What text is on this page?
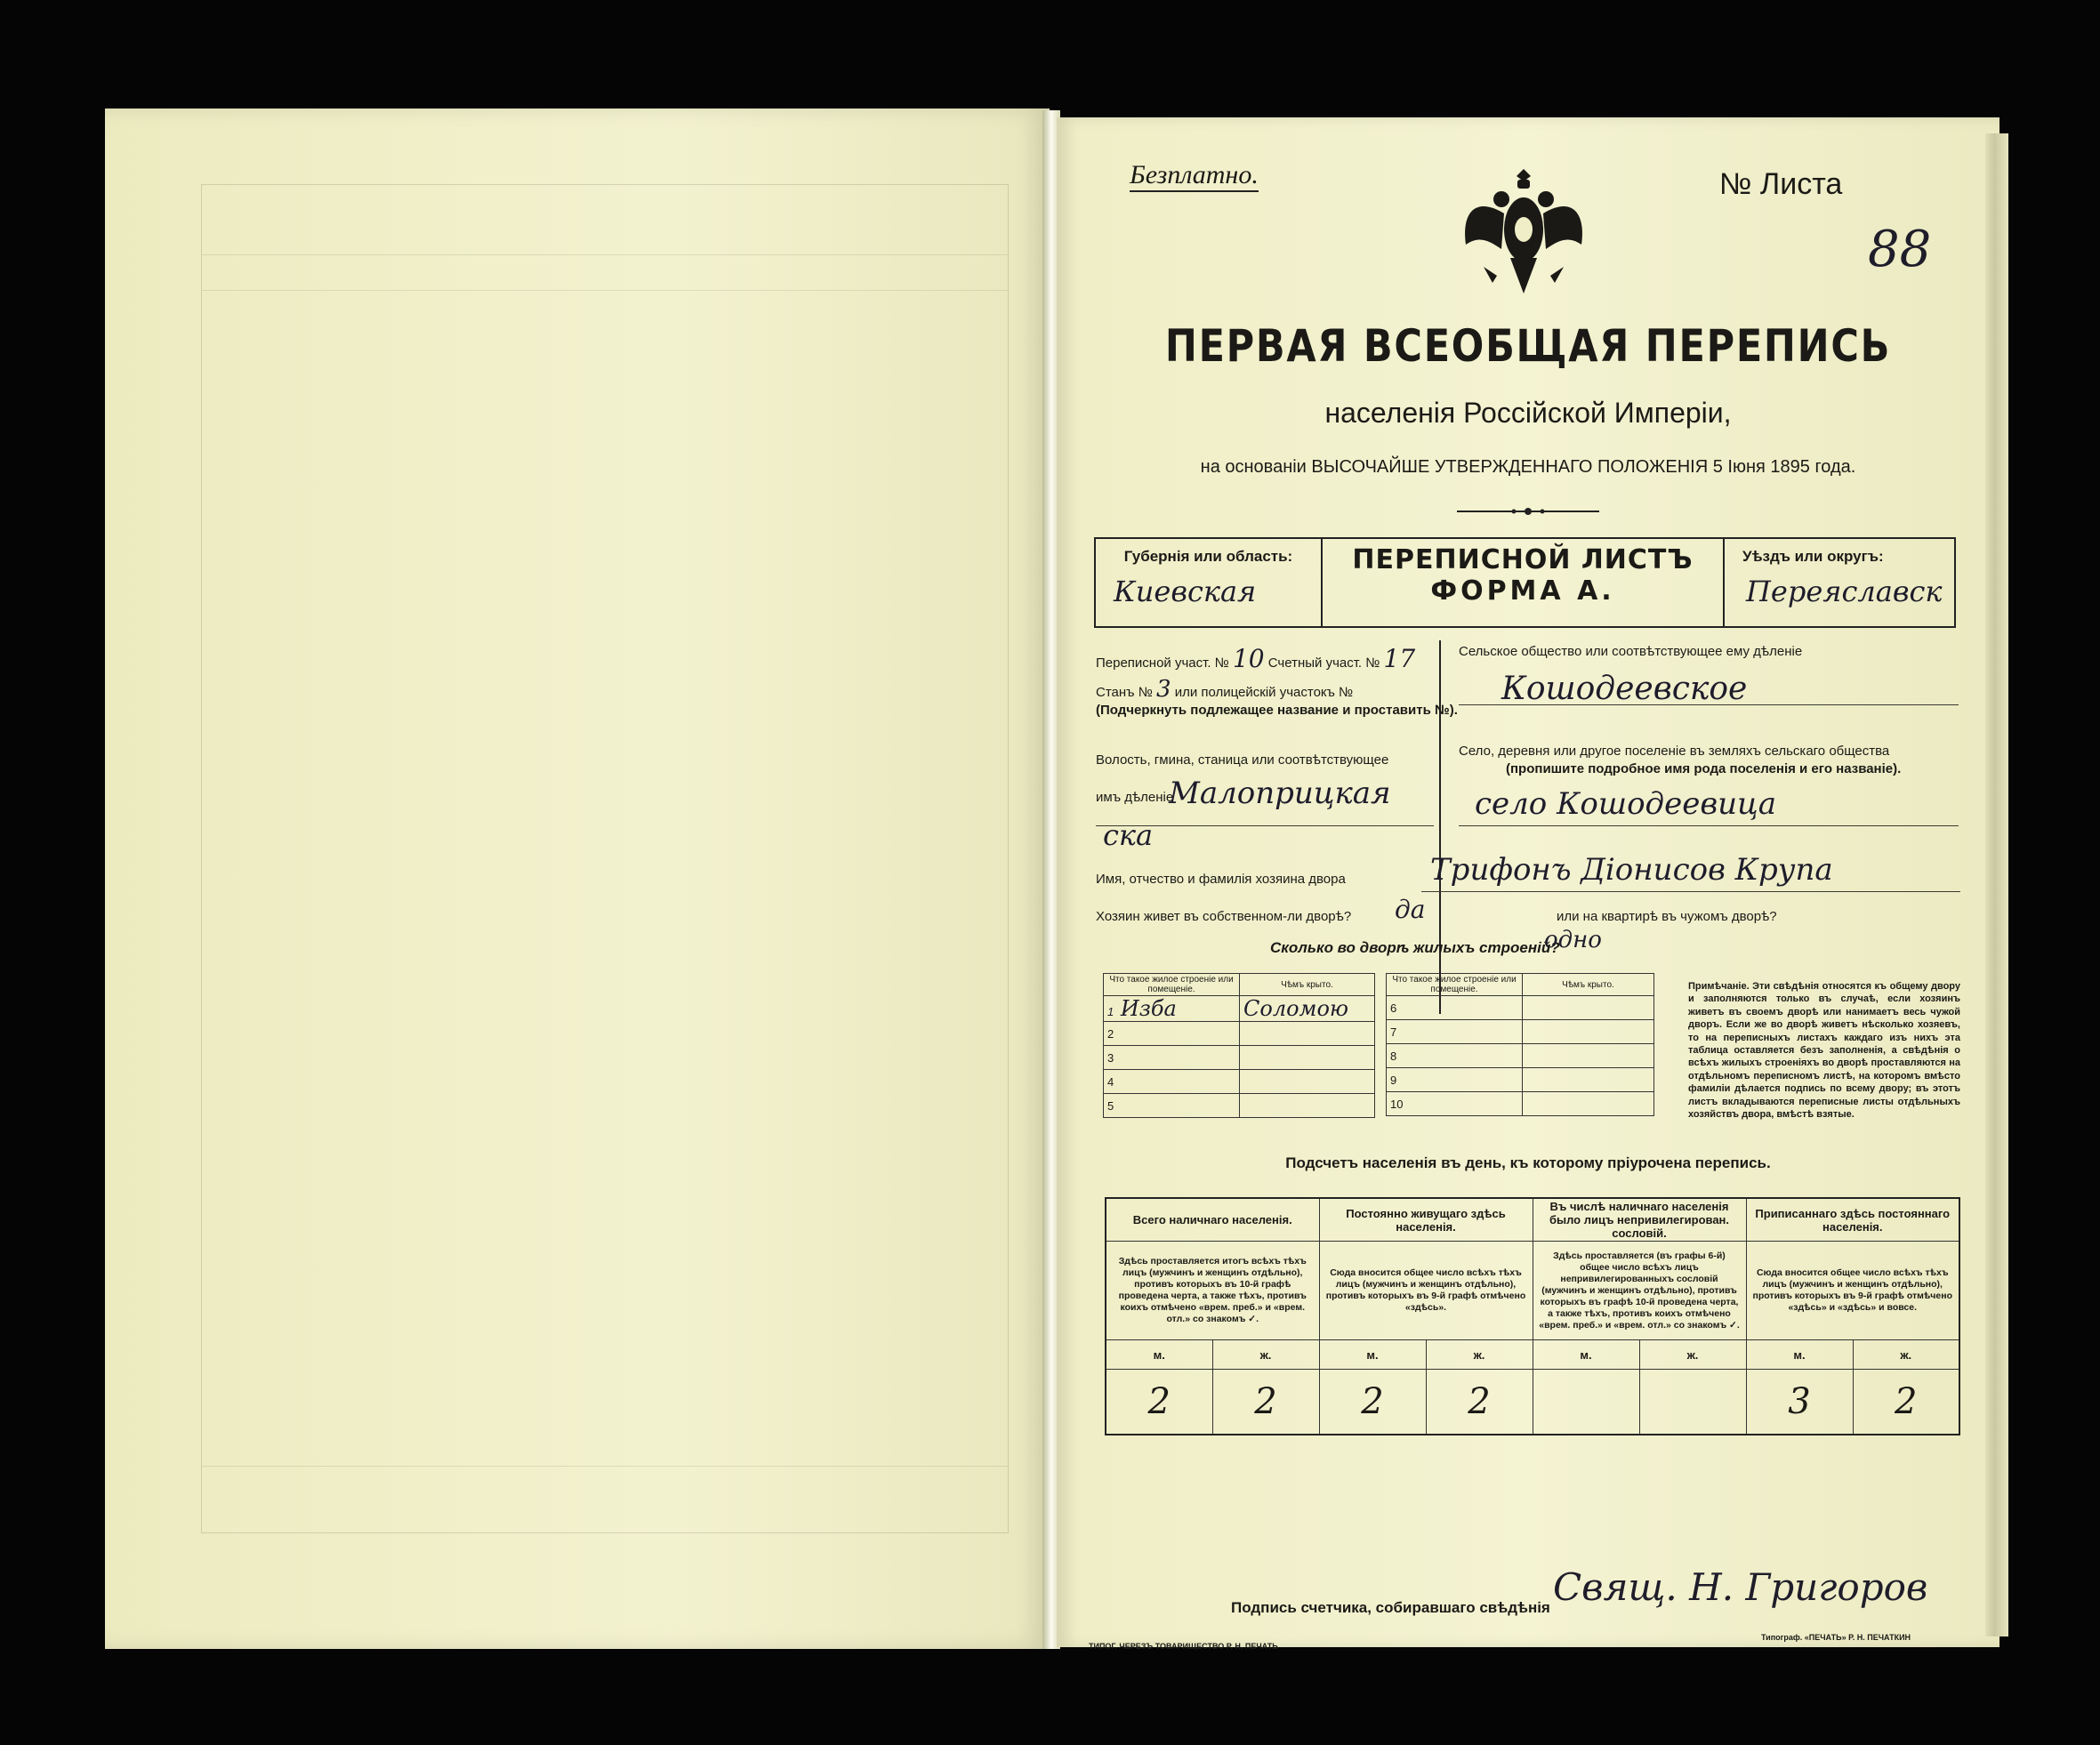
Безплатно.	№ Листа
88
ПЕРВАЯ ВСЕОБЩАЯ ПЕРЕПИСЬ
населенія Россійской Имперіи,
на основаніи ВЫСОЧАЙШЕ УТВЕРЖДЕННАГО ПОЛОЖЕНІЯ 5 Іюня 1895 года.
Губернія или область:
Киевская
ПЕРЕПИСНОЙ ЛИСТЪ
ФОРМА А.
Уѣздъ или округъ:
Переяславск
Переписной участ. № 10 Счетный участ. № 17
Станъ № 3 или полицейскій участокъ №
(Подчеркнуть подлежащее название и проставить №).
Волость, гмина, станица или соотвѣтствующее
имъ дѣленіе
Малоприцкая
ска
Сельское общество или соотвѣтствующее ему дѣленіе
Кошодеевское
Село, деревня или другое поселеніе въ земляхъ сельскаго общества
(пропишите подробное имя рода поселенія и его названіе).
село Кошодеевица
Имя, отчество и фамилія хозяина двора	Трифонъ Діонисов Крупа
Хозяин живет въ собственном-ли дворѣ? да	или на квартирѣ въ чужомъ дворѣ?
Сколько во дворѣ жилыхъ строеній?
одно
Что такое жилое строеніе или помещеніе.	Чѣмъ крыто.
1 Изба	Соломою
2	
3	
4	
5	
Что такое жилое строеніе или помещеніе.	Чѣмъ крыто.
6	
7	
8	
9	
10	
Примѣчаніе. Эти свѣдѣнія относятся къ общему двору и заполняются только въ случаѣ, если хозяинъ живетъ въ своемъ дворѣ или нанимаетъ весь чужой дворъ. Если же во дворѣ живетъ нѣсколько хозяевъ, то на переписныхъ листахъ каждаго изъ нихъ эта таблица оставляется безъ заполненія, а свѣдѣнія о всѣхъ жилыхъ строеніяхъ во дворѣ проставляются на отдѣльномъ переписномъ листѣ, на которомъ вмѣсто фамиліи дѣлается подпись по всему двору; въ этотъ листъ вкладываются переписные листы отдѣльныхъ хозяйствъ двора, вмѣстѣ взятые.
Подсчетъ населенія въ день, къ которому пріурочена перепись.
Всего наличнаго населенія.		Постоянно живущаго здѣсь населенія.		Въ числѣ наличнаго населенія было лицъ непривилегирован. сословій.		Приписаннаго здѣсь постояннаго населенія.	
Здѣсь проставляется итогъ всѣхъ тѣхъ лицъ (мужчинъ и женщинъ отдѣльно), противъ которыхъ въ 10-й графѣ проведена черта, а также тѣхъ, противъ коихъ отмѣчено «врем. преб.» и «врем. отл.» со знакомъ ✓.		Сюда вносится общее число всѣхъ тѣхъ лицъ (мужчинъ и женщинъ отдѣльно), противъ которыхъ въ 9-й графѣ отмѣчено «здѣсь».		Здѣсь проставляется (въ графы 6-й) общее число всѣхъ лицъ непривилегированныхъ сословій (мужчинъ и женщинъ отдѣльно), противъ которыхъ въ графѣ 10-й проведена черта, а также тѣхъ, противъ коихъ отмѣчено «врем. преб.» и «врем. отл.» со знакомъ ✓.		Сюда вносится общее число всѣхъ тѣхъ лицъ (мужчинъ и женщинъ отдѣльно), противъ которыхъ въ 9-й графѣ отмѣчено «здѣсь» и «здѣсь» и вовсе.	
м.	ж.	м.	ж.	м.	ж.	м.	ж.
2	2	2	2			3	2
Подпись счетчика, собиравшаго свѣдѣнія Свящ. Н. Григоров
ТИПОГ. ЧЕРЕЗЪ ТОВАРИЩЕСТВО Р. Н. ПЕЧАТЬ
Типограф. «ПЕЧАТЬ» Р. Н. ПЕЧАТКИН
